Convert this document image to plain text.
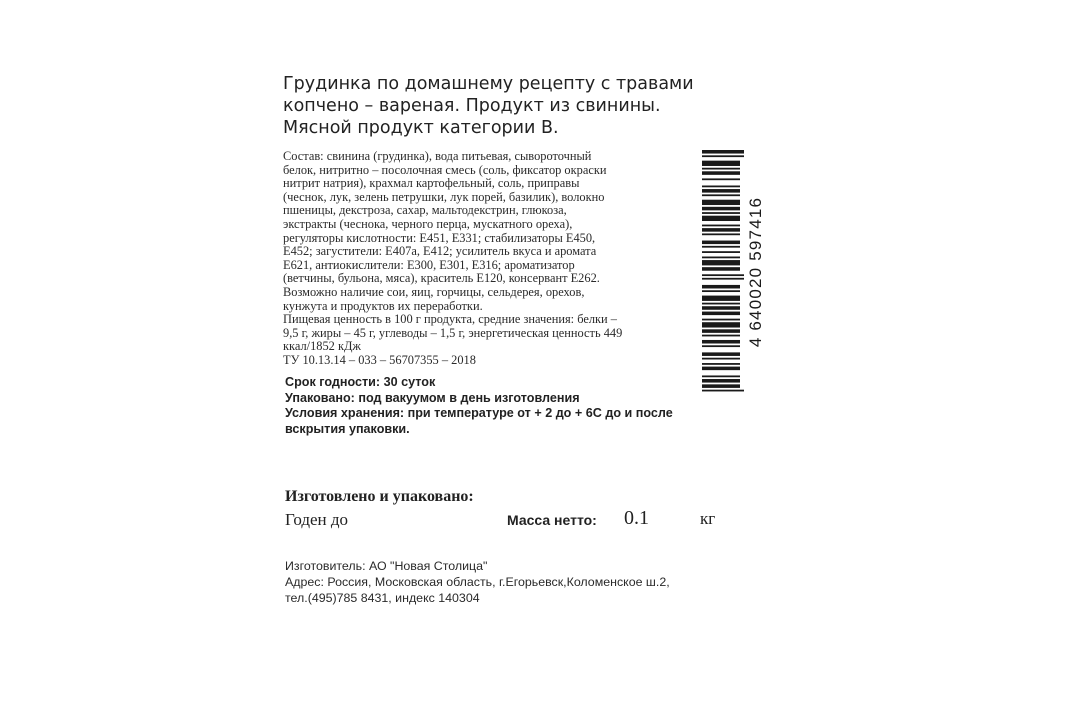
Грудинка по домашнему рецепту с травами
копчено – вареная. Продукт из свинины.
Мясной продукт категории В.
Состав: свинина (грудинка), вода питьевая, сывороточный
белок, нитритно – посолочная смесь (соль, фиксатор окраски
нитрит натрия), крахмал картофельный, соль, приправы
(чеснок, лук, зелень петрушки, лук порей, базилик), волокно
пшеницы, декстроза, сахар, мальтодекстрин, глюкоза,
экстракты (чеснока, черного перца, мускатного ореха),
регуляторы кислотности: Е451, Е331; стабилизаторы Е450,
Е452; загустители: Е407а, Е412; усилитель вкуса и аромата
Е621, антиокислители: Е300, Е301, Е316; ароматизатор
(ветчины, бульона, мяса), краситель Е120, консервант Е262.
Возможно наличие сои, яиц, горчицы, сельдерея, орехов,
кунжута и продуктов их переработки.
Пищевая ценность в 100 г продукта, средние значения: белки –
9,5 г, жиры – 45 г, углеводы – 1,5 г, энергетическая ценность 449
ккал/1852 кДж
ТУ 10.13.14 – 033 – 56707355 – 2018
4 640020 597416
Срок годности: 30 суток
Упаковано: под вакуумом в день изготовления
Условия хранения: при температуре от + 2 до + 6С до и после
вскрытия упаковки.
Изготовлено и упаковано:
Годен до	Масса нетто: 0.1	кг
Изготовитель: АО "Новая Столица"
Адрес: Россия, Московская область, г.Егорьевск,Коломенское ш.2,
тел.(495)785 8431, индекс 140304
